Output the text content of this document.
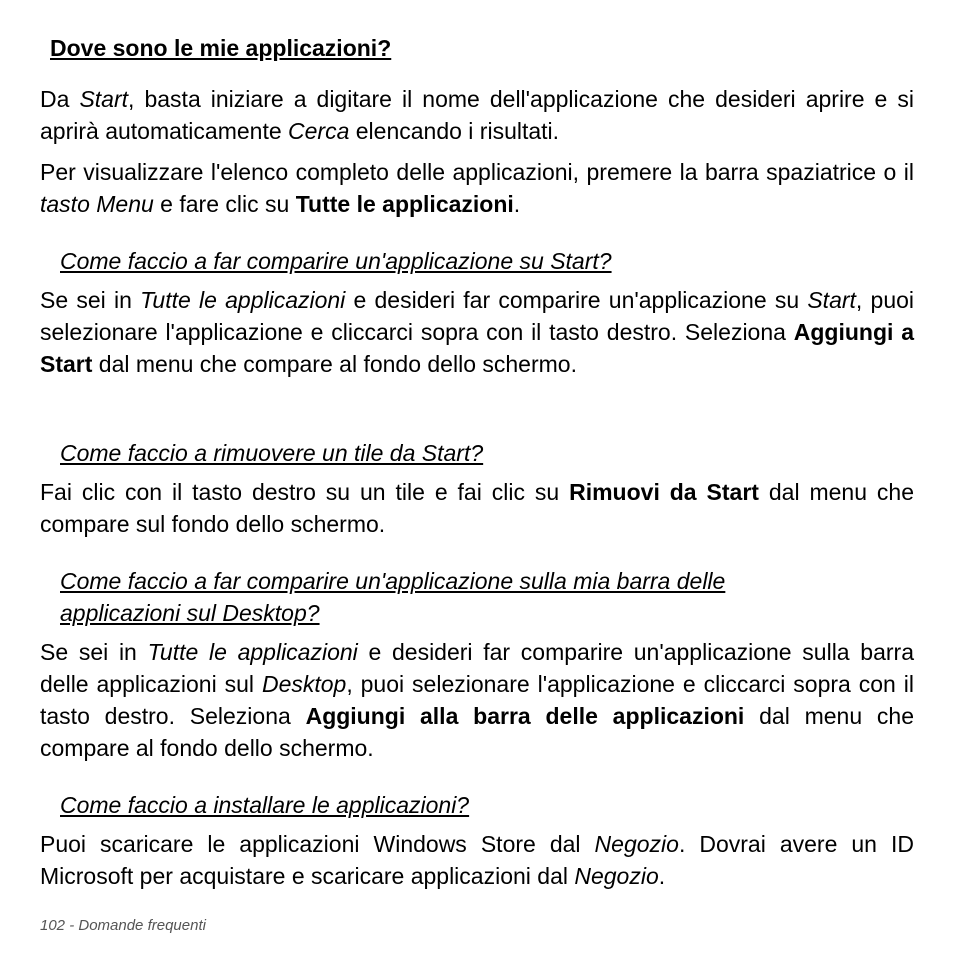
Dove sono le mie applicazioni?

Da Start, basta iniziare a digitare il nome dell'applicazione che desideri aprire e si aprirà automaticamente Cerca elencando i risultati.

Per visualizzare l'elenco completo delle applicazioni, premere la barra spaziatrice o il tasto Menu e fare clic su Tutte le applicazioni.

Come faccio a far comparire un'applicazione su Start?

Se sei in Tutte le applicazioni e desideri far comparire un'applicazione su Start, puoi selezionare l'applicazione e cliccarci sopra con il tasto destro. Seleziona Aggiungi a Start dal menu che compare al fondo dello schermo.

Come faccio a rimuovere un tile da Start?

Fai clic con il tasto destro su un tile e fai clic su Rimuovi da Start dal menu che compare sul fondo dello schermo.

Come faccio a far comparire un'applicazione sulla mia barra delle
applicazioni sul Desktop?

Se sei in Tutte le applicazioni e desideri far comparire un'applicazione sulla barra delle applicazioni sul Desktop, puoi selezionare l'applicazione e cliccarci sopra con il tasto destro. Seleziona Aggiungi alla barra delle applicazioni dal menu che compare al fondo dello schermo.

Come faccio a installare le applicazioni?

Puoi scaricare le applicazioni Windows Store dal Negozio. Dovrai avere un ID Microsoft per acquistare e scaricare applicazioni dal Negozio.

102 - Domande frequenti
